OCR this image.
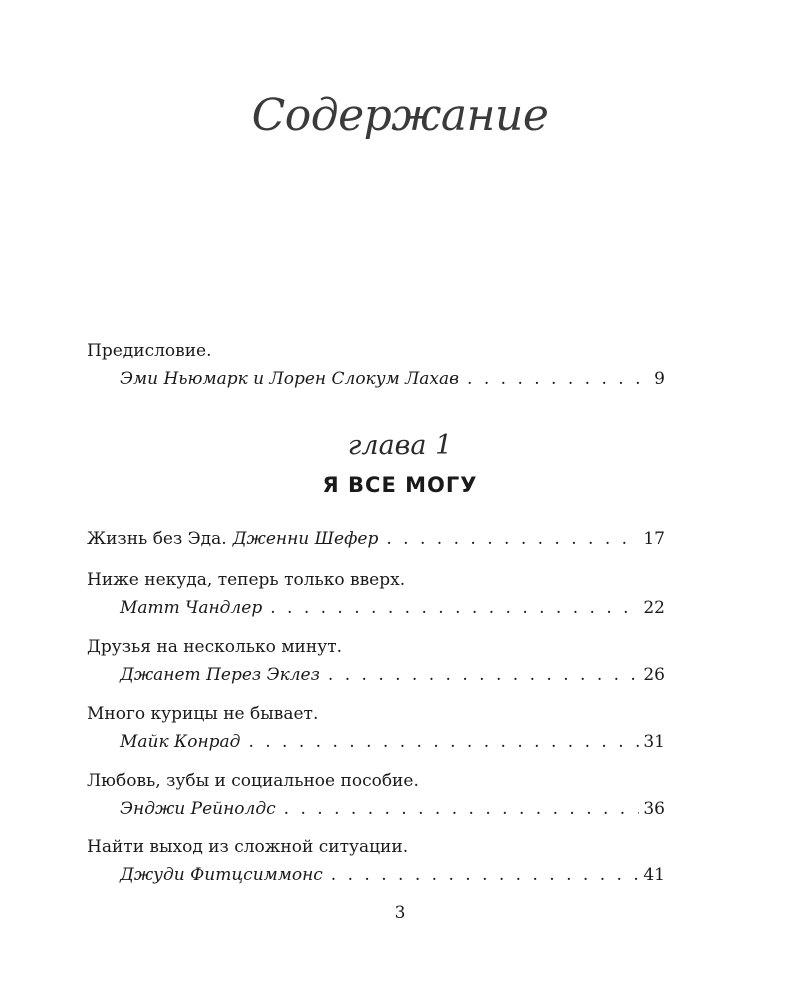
Содержание
Предисловие.
Эми Ньюмарк и Лорен Слокум Лахав . . .	9
Жизнь без Эда. Дженни Шефер . . .	17
Ниже некуда, теперь только вверх.
Матт Чандлер . . .	22
Друзья на несколько минут.
Джанет Перез Эклез . . .	26
Много курицы не бывает.
Майк Конрад . . .	31
Любовь, зубы и социальное пособие.
Энджи Рейнолдс . . .	36
Найти выход из сложной ситуации.
Джуди Фитцсиммонс . . .	41
глава 1
Я ВСЕ МОГУ
3
